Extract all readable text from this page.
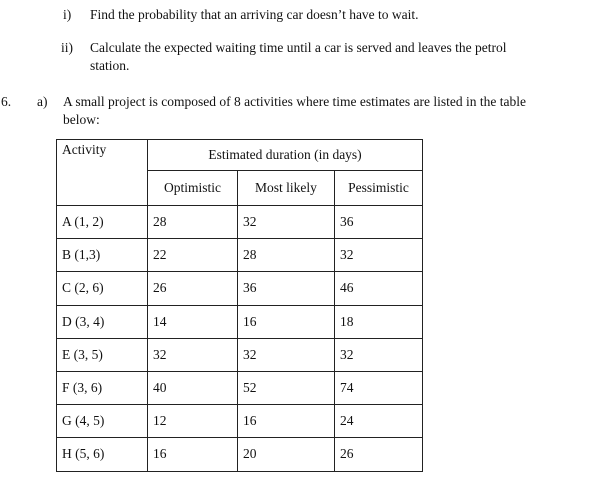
i) Find the probability that an arriving car doesn’t have to wait.
ii) Calculate the expected waiting time until a car is served and leaves the petrol
station.
6. a) A small project is composed of 8 activities where time estimates are listed in the table
below:
Activity	Estimated duration (in days)		
	Optimistic	Most likely	Pessimistic
A (1, 2)	28	32	36
B (1,3)	22	28	32
C (2, 6)	26	36	46
D (3, 4)	14	16	18
E (3, 5)	32	32	32
F (3, 6)	40	52	74
G (4, 5)	12	16	24
H (5, 6)	16	20	26
